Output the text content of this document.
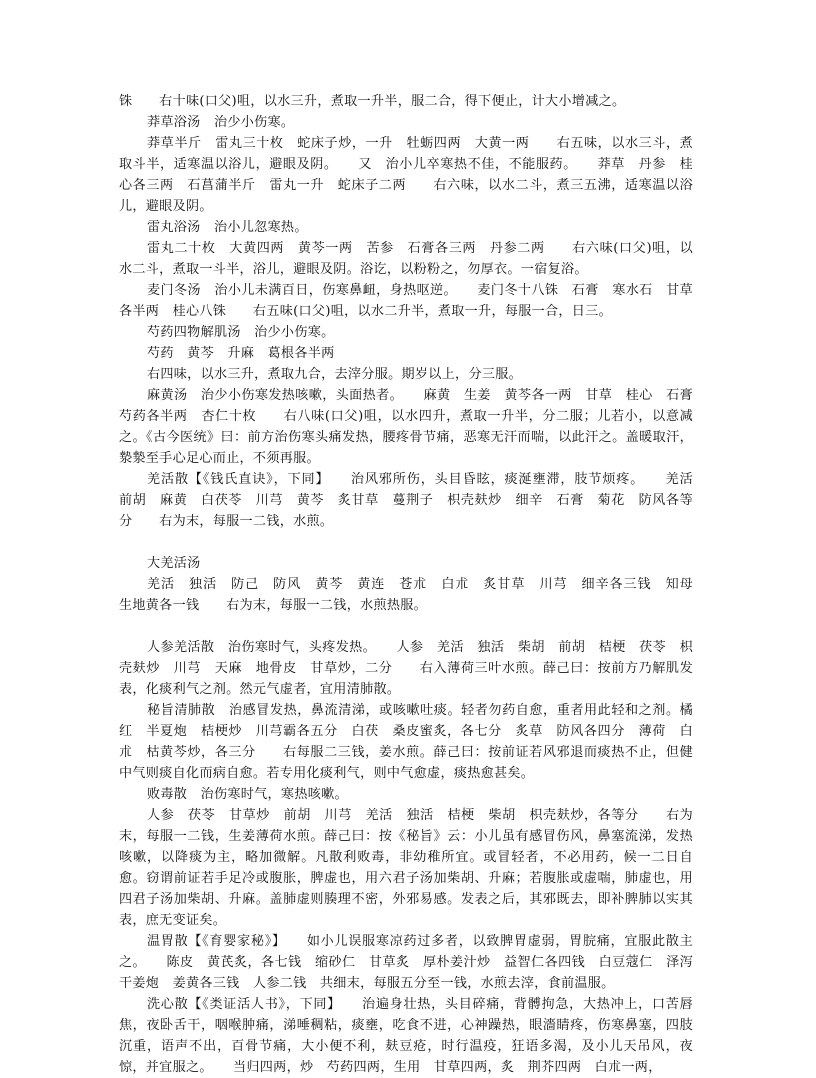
铢　　右十味(口父)咀，以水三升，煮取一升半，服二合，得下便止，计大小增减之。

莽草浴汤　治少小伤寒。

莽草半斤　雷丸三十枚　蛇床子炒，一升　牡蛎四两　大黄一两　　右五味，以水三斗，煮取斗半，适寒温以浴儿，避眼及阴。　　又　治小儿卒寒热不佳，不能服药。　　莽草　丹参　桂心各三两　石菖蒲半斤　雷丸一升　蛇床子二两　　右六味，以水二斗，煮三五沸，适寒温以浴儿，避眼及阴。

雷丸浴汤　治小儿忽寒热。

雷丸二十枚　大黄四两　黄芩一两　苦参　石膏各三两　丹参二两　　右六味(口父)咀，以水二斗，煮取一斗半，浴儿，避眼及阴。浴讫，以粉粉之，勿厚衣。一宿复浴。

麦门冬汤　治小儿未满百日，伤寒鼻衄，身热呕逆。　　麦门冬十八铢　石膏　寒水石　甘草各半两　桂心八铢　　右五味(口父)咀，以水二升半，煮取一升，每服一合，日三。

芍药四物解肌汤　治少小伤寒。

芍药　黄芩　升麻　葛根各半两

右四味，以水三升，煮取九合，去滓分服。期岁以上，分三服。

麻黄汤　治少小伤寒发热咳嗽，头面热者。　　麻黄　生姜　黄芩各一两　甘草　桂心　石膏　芍药各半两　杏仁十枚　　右八味(口父)咀，以水四升，煮取一升半，分二服；儿若小，以意减之。《古今医统》曰：前方治伤寒头痛发热，腰疼骨节痛，恶寒无汗而喘，以此汗之。盖暖取汗，漐漐至手心足心而止，不须再服。

羌活散【《钱氏直诀》，下同】　　治风邪所伤，头目昏眩，痰涎壅滞，肢节烦疼。　　羌活　前胡　麻黄　白茯苓　川芎　黄芩　炙甘草　蔓荆子　枳壳麸炒　细辛　石膏　菊花　防风各等分　　右为末，每服一二钱，水煎。

大羌活汤

羌活　独活　防己　防风　黄芩　黄连　苍朮　白朮　炙甘草　川芎　细辛各三钱　知母　生地黄各一钱　　右为末，每服一二钱，水煎热服。

人参羌活散　治伤寒时气，头疼发热。　　人参　羌活　独活　柴胡　前胡　桔梗　茯苓　枳壳麸炒　川芎　天麻　地骨皮　甘草炒，二分　　右入薄荷三叶水煎。薛己曰：按前方乃解肌发表，化痰利气之剂。然元气虚者，宜用清肺散。

秘旨清肺散　治感冒发热，鼻流清涕，或咳嗽吐痰。轻者勿药自愈，重者用此轻和之剂。橘红　半夏炮　桔梗炒　川芎霸各五分　白茯　桑皮蜜炙，各七分　炙草　防风各四分　薄荷　白朮　枯黄芩炒，各三分　　右每服二三钱，姜水煎。薛己曰：按前证若风邪退而痰热不止，但健中气则痰自化而病自愈。若专用化痰利气，则中气愈虚，痰热愈甚矣。

败毒散　治伤寒时气，寒热咳嗽。

人参　茯苓　甘草炒　前胡　川芎　羌活　独活　桔梗　柴胡　枳壳麸炒，各等分　　右为末，每服一二钱，生姜薄荷水煎。薛己曰：按《秘旨》云：小儿虽有感冒伤风，鼻塞流涕，发热咳嗽，以降痰为主，略加微解。凡散利败毒，非幼稚所宜。或冒轻者，不必用药，候一二日自愈。窃谓前证若手足冷或腹胀，脾虚也，用六君子汤加柴胡、升麻；若腹胀或虚喘，肺虚也，用四君子汤加柴胡、升麻。盖肺虚则腠理不密，外邪易感。发表之后，其邪既去，即补脾肺以实其表，庶无变证矣。

温胃散【《育婴家秘》】　　如小儿误服寒凉药过多者，以致脾胃虚弱，胃脘痛，宜服此散主之。　　陈皮　黄芪炙，各七钱　缩砂仁　甘草炙　厚朴姜汁炒　益智仁各四钱　白豆蔻仁　泽泻　干姜炮　姜黄各三钱　人参二钱　共细末，每服五分至一钱，水煎去滓，食前温服。

洗心散【《类证活人书》，下同】　　治遍身壮热，头目碎痛，背髆拘急，大热冲上，口苦唇焦，夜卧舌干，咽喉肿痛，涕唾稠粘，痰壅，吃食不进，心神躁热，眼濇睛疼，伤寒鼻塞，四肢沉重，语声不出，百骨节痛，大小便不利，麸豆疮，时行温疫，狂语多渴，及小儿天吊风，夜惊，并宜服之。　　当归四两，炒　芍药四两，生用　甘草四两，炙　荆芥四两　白朮一两，
